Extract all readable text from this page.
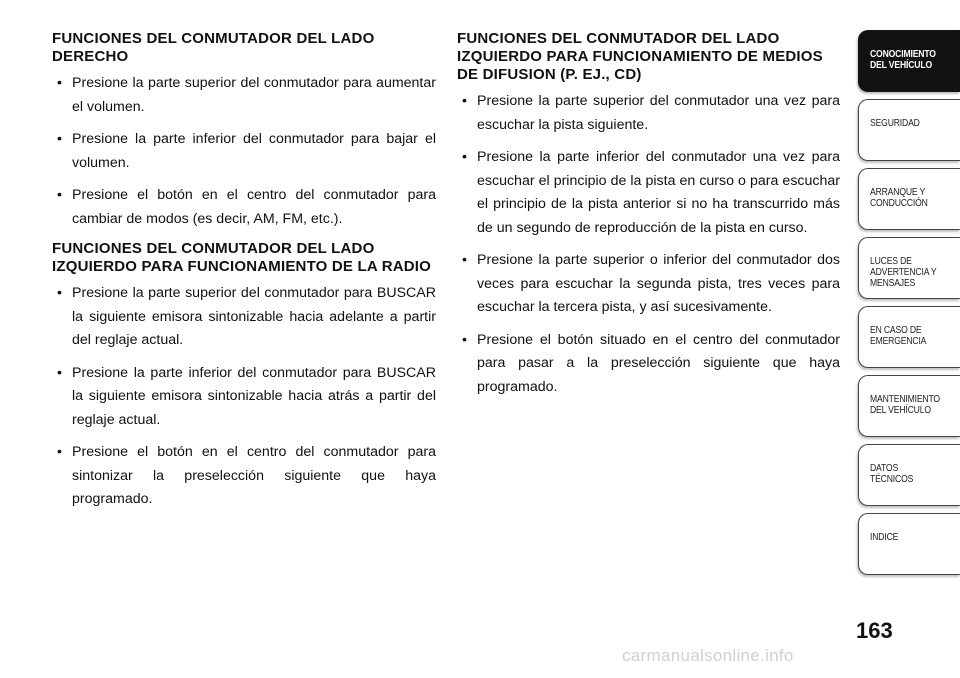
FUNCIONES DEL CONMUTADOR DEL LADO DERECHO
• Presione la parte superior del conmutador para aumentar el volumen.
• Presione la parte inferior del conmutador para bajar el volumen.
• Presione el botón en el centro del conmutador para cambiar de modos (es decir, AM, FM, etc.).
FUNCIONES DEL CONMUTADOR DEL LADO IZQUIERDO PARA FUNCIONAMIENTO DE LA RADIO
• Presione la parte superior del conmutador para BUSCAR la siguiente emisora sintonizable hacia adelante a partir del reglaje actual.
• Presione la parte inferior del conmutador para BUSCAR la siguiente emisora sintonizable hacia atrás a partir del reglaje actual.
• Presione el botón en el centro del conmutador para sintonizar la preselección siguiente que haya programado.
FUNCIONES DEL CONMUTADOR DEL LADO IZQUIERDO PARA FUNCIONAMIENTO DE MEDIOS DE DIFUSION (P. EJ., CD)
• Presione la parte superior del conmutador una vez para escuchar la pista siguiente.
• Presione la parte inferior del conmutador una vez para escuchar el principio de la pista en curso o para escuchar el principio de la pista anterior si no ha transcurrido más de un segundo de reproducción de la pista en curso.
• Presione la parte superior o inferior del conmutador dos veces para escuchar la segunda pista, tres veces para escuchar la tercera pista, y así sucesivamente.
• Presione el botón situado en el centro del conmutador para pasar a la preselección siguiente que haya programado.
CONOCIMIENTO
DEL VEHÍCULO
SEGURIDAD
ARRANQUE Y
CONDUCCIÓN
LUCES DE
ADVERTENCIA Y
MENSAJES
EN CASO DE
EMERGENCIA
MANTENIMIENTO
DEL VEHÍCULO
DATOS
TÉCNICOS
INDICE
163
carmanualsonline.info
